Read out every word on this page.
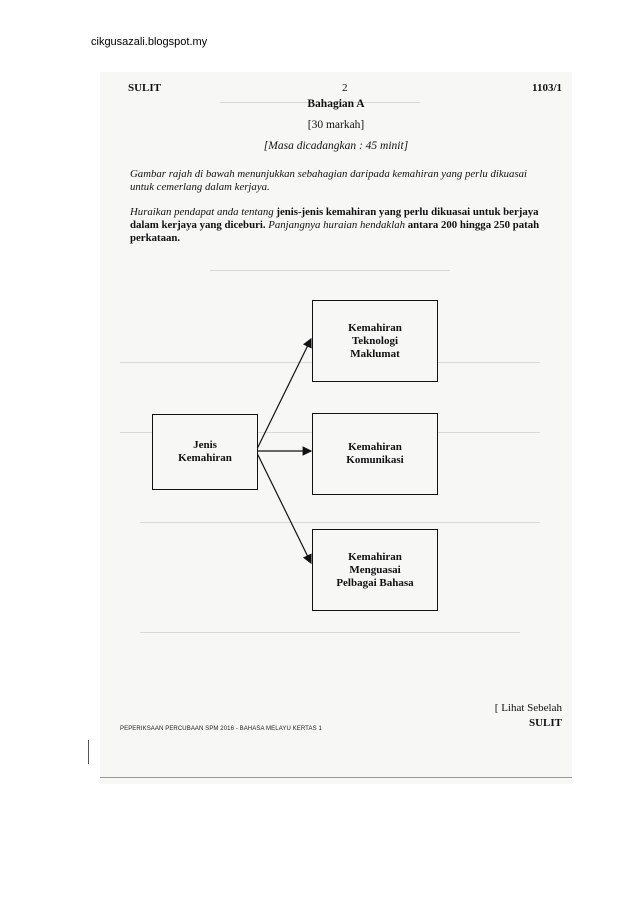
cikgusazali.blogspot.my
SULIT	2	1103/1
Bahagian A
[30 markah]
[Masa dicadangkan : 45 minit]
Gambar rajah di bawah menunjukkan sebahagian daripada kemahiran yang perlu dikuasai untuk cemerlang dalam kerjaya.
Huraikan pendapat anda tentang jenis-jenis kemahiran yang perlu dikuasai untuk berjaya dalam kerjaya yang diceburi. Panjangnya huraian hendaklah antara 200 hingga 250 patah perkataan.
Jenis
Kemahiran
Kemahiran
Teknologi
Maklumat
Kemahiran
Komunikasi
Kemahiran
Menguasai
Pelbagai Bahasa
[ Lihat Sebelah
PEPERIKSAAN PERCUBAAN SPM 2016 - BAHASA MELAYU KERTAS 1	SULIT
